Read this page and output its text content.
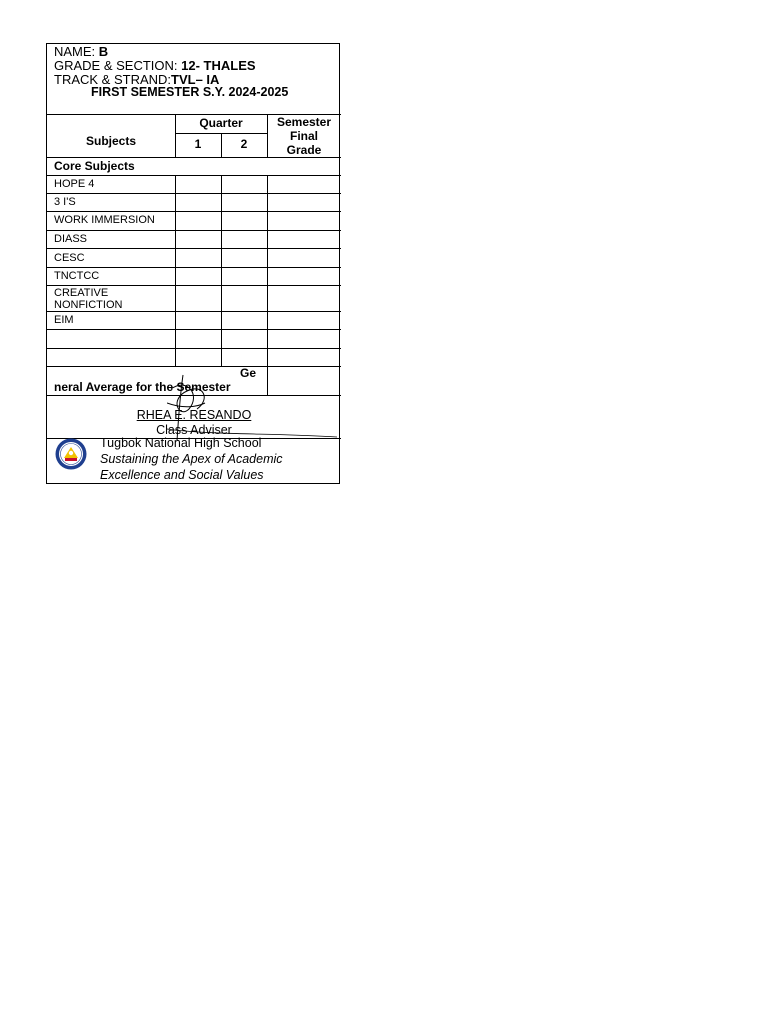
NAME: B
GRADE & SECTION: 12- THALES
TRACK & STRAND:TVL– IA
FIRST SEMESTER S.Y. 2024-2025
Subjects
Quarter
1	2
Semester
Final
Grade
Core Subjects
HOPE 4
3 I'S
WORK IMMERSION
DIASS
CESC
TNCTCC
CREATIVE
NONFICTION
EIM
Ge
neral Average for the Semester
RHEA E. RESANDO
Class Adviser
Tugbok National High School
Sustaining the Apex of Academic
Excellence and Social Values
